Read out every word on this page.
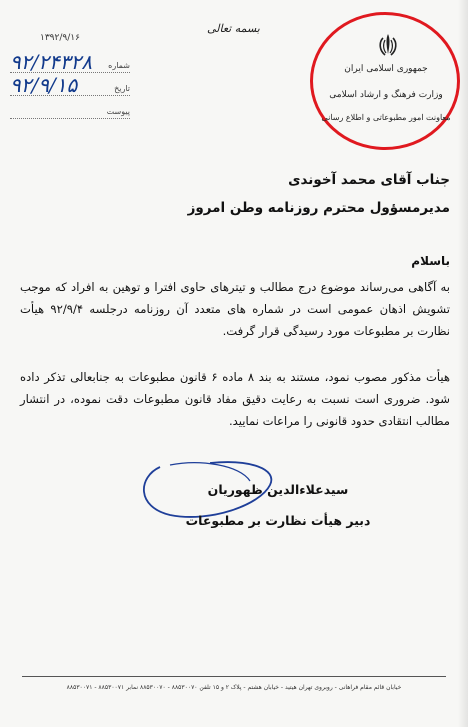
۱۳۹۲/۹/۱۶
شماره
۹۲/۲۴۳۲۸
تاریخ
۹۲/۹/۱۵
پیوست
بسمه تعالی
جمهوری اسلامی ایران
وزارت فرهنگ و ارشاد اسلامی
معاونت امور مطبوعاتی و اطلاع رسانی
جناب آقای محمد آخوندی
مدیرمسؤول محترم روزنامه وطن امروز
باسلام
به آگاهی می‌رساند موضوع درج مطالب و تیترهای حاوی افترا و توهین به افراد که موجب تشویش اذهان عمومی است در شماره های متعدد آن روزنامه درجلسه ۹۲/۹/۴ هیأت نظارت بر مطبوعات مورد رسیدگی قرار گرفت.
هیأت مذکور مصوب نمود، مستند به بند ۸ ماده ۶ قانون مطبوعات به جنابعالی تذکر داده شود. ضروری است نسبت به رعایت دقیق مفاد قانون مطبوعات دقت نموده، در انتشار مطالب انتقادی حدود قانونی را مراعات نمایید.
سیدعلاءالدین ظهوریان
دبیر هیأت نظارت بر مطبوعات
خیابان قائم مقام فراهانی - روبروی تهران هیتید - خیابان هشتم - پلاک ۲ و ۱۵ تلفن ۸۸۵۳۰۰۷۰ - ۸۸۵۳۰۰۷۰ نمابر ۸۸۵۳۰۰۷۱ - ۸۸۵۳۰۰۷۱
